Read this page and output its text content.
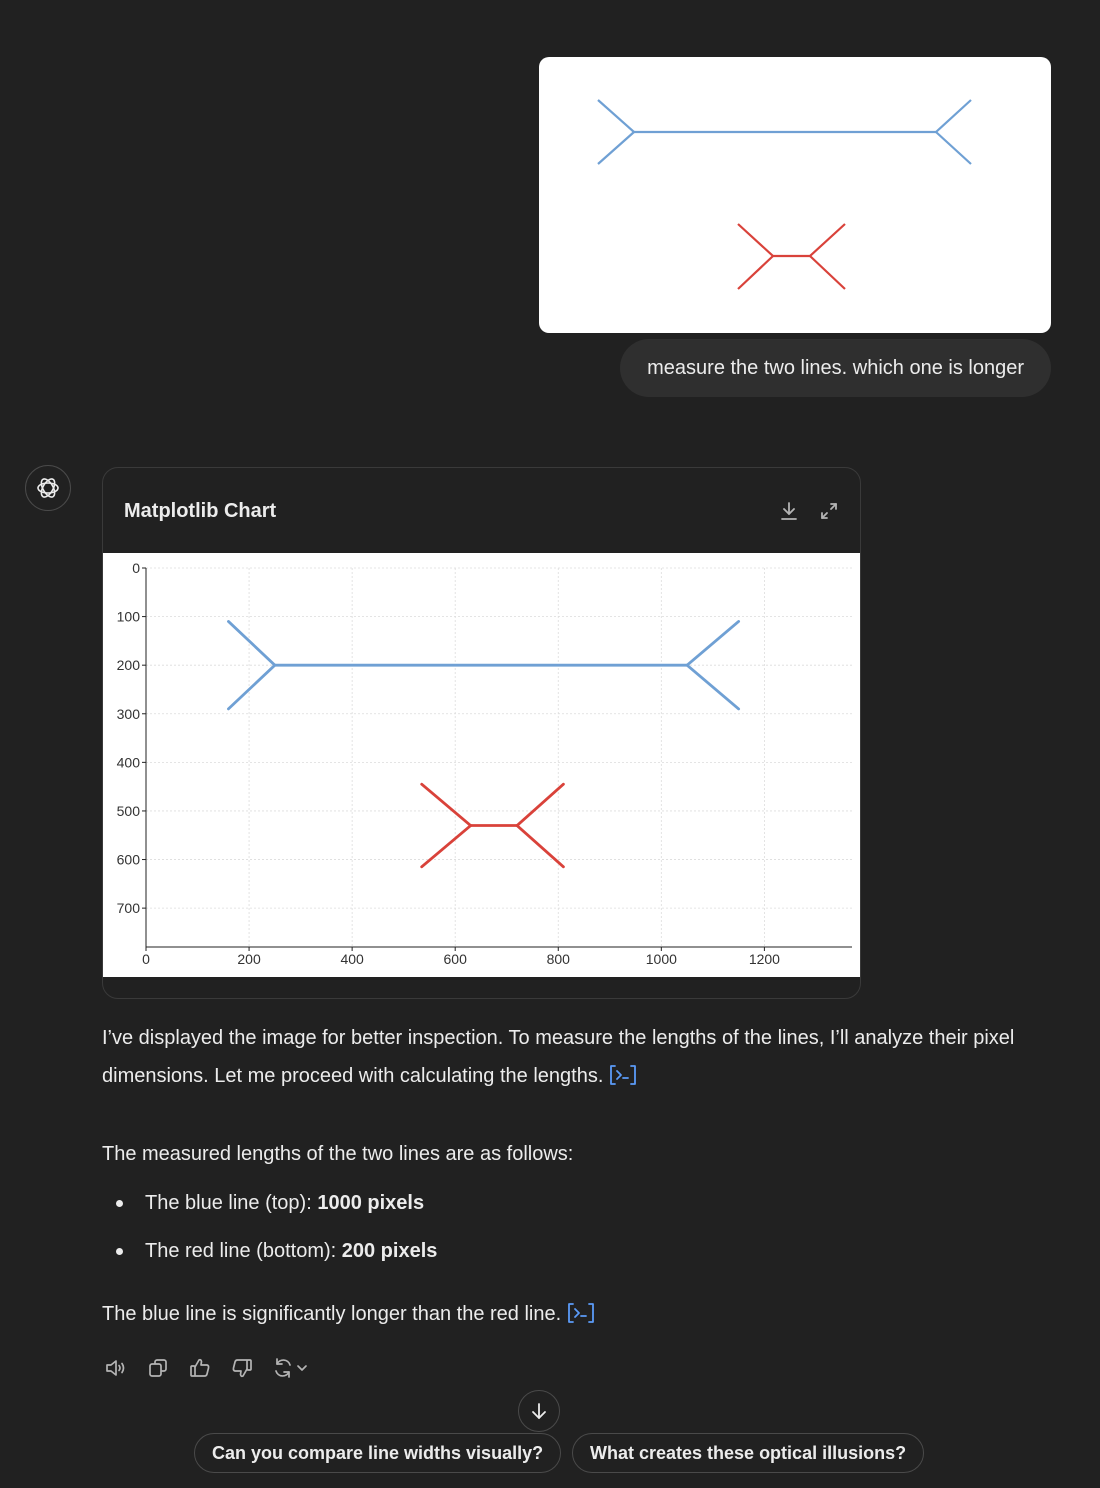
measure the two lines. which one is longer
Matplotlib Chart
0
100
200
300
400
500
600
700
0	200	400	600	800	1000	1200
I’ve displayed the image for better inspection. To measure the lengths of the lines, I’ll analyze their pixel dimensions. Let me proceed with calculating the lengths.
The measured lengths of the two lines are as follows:
The blue line (top): 1000 pixels
The red line (bottom): 200 pixels
The blue line is significantly longer than the red line.
Can you compare line widths visually?	What creates these optical illusions?
